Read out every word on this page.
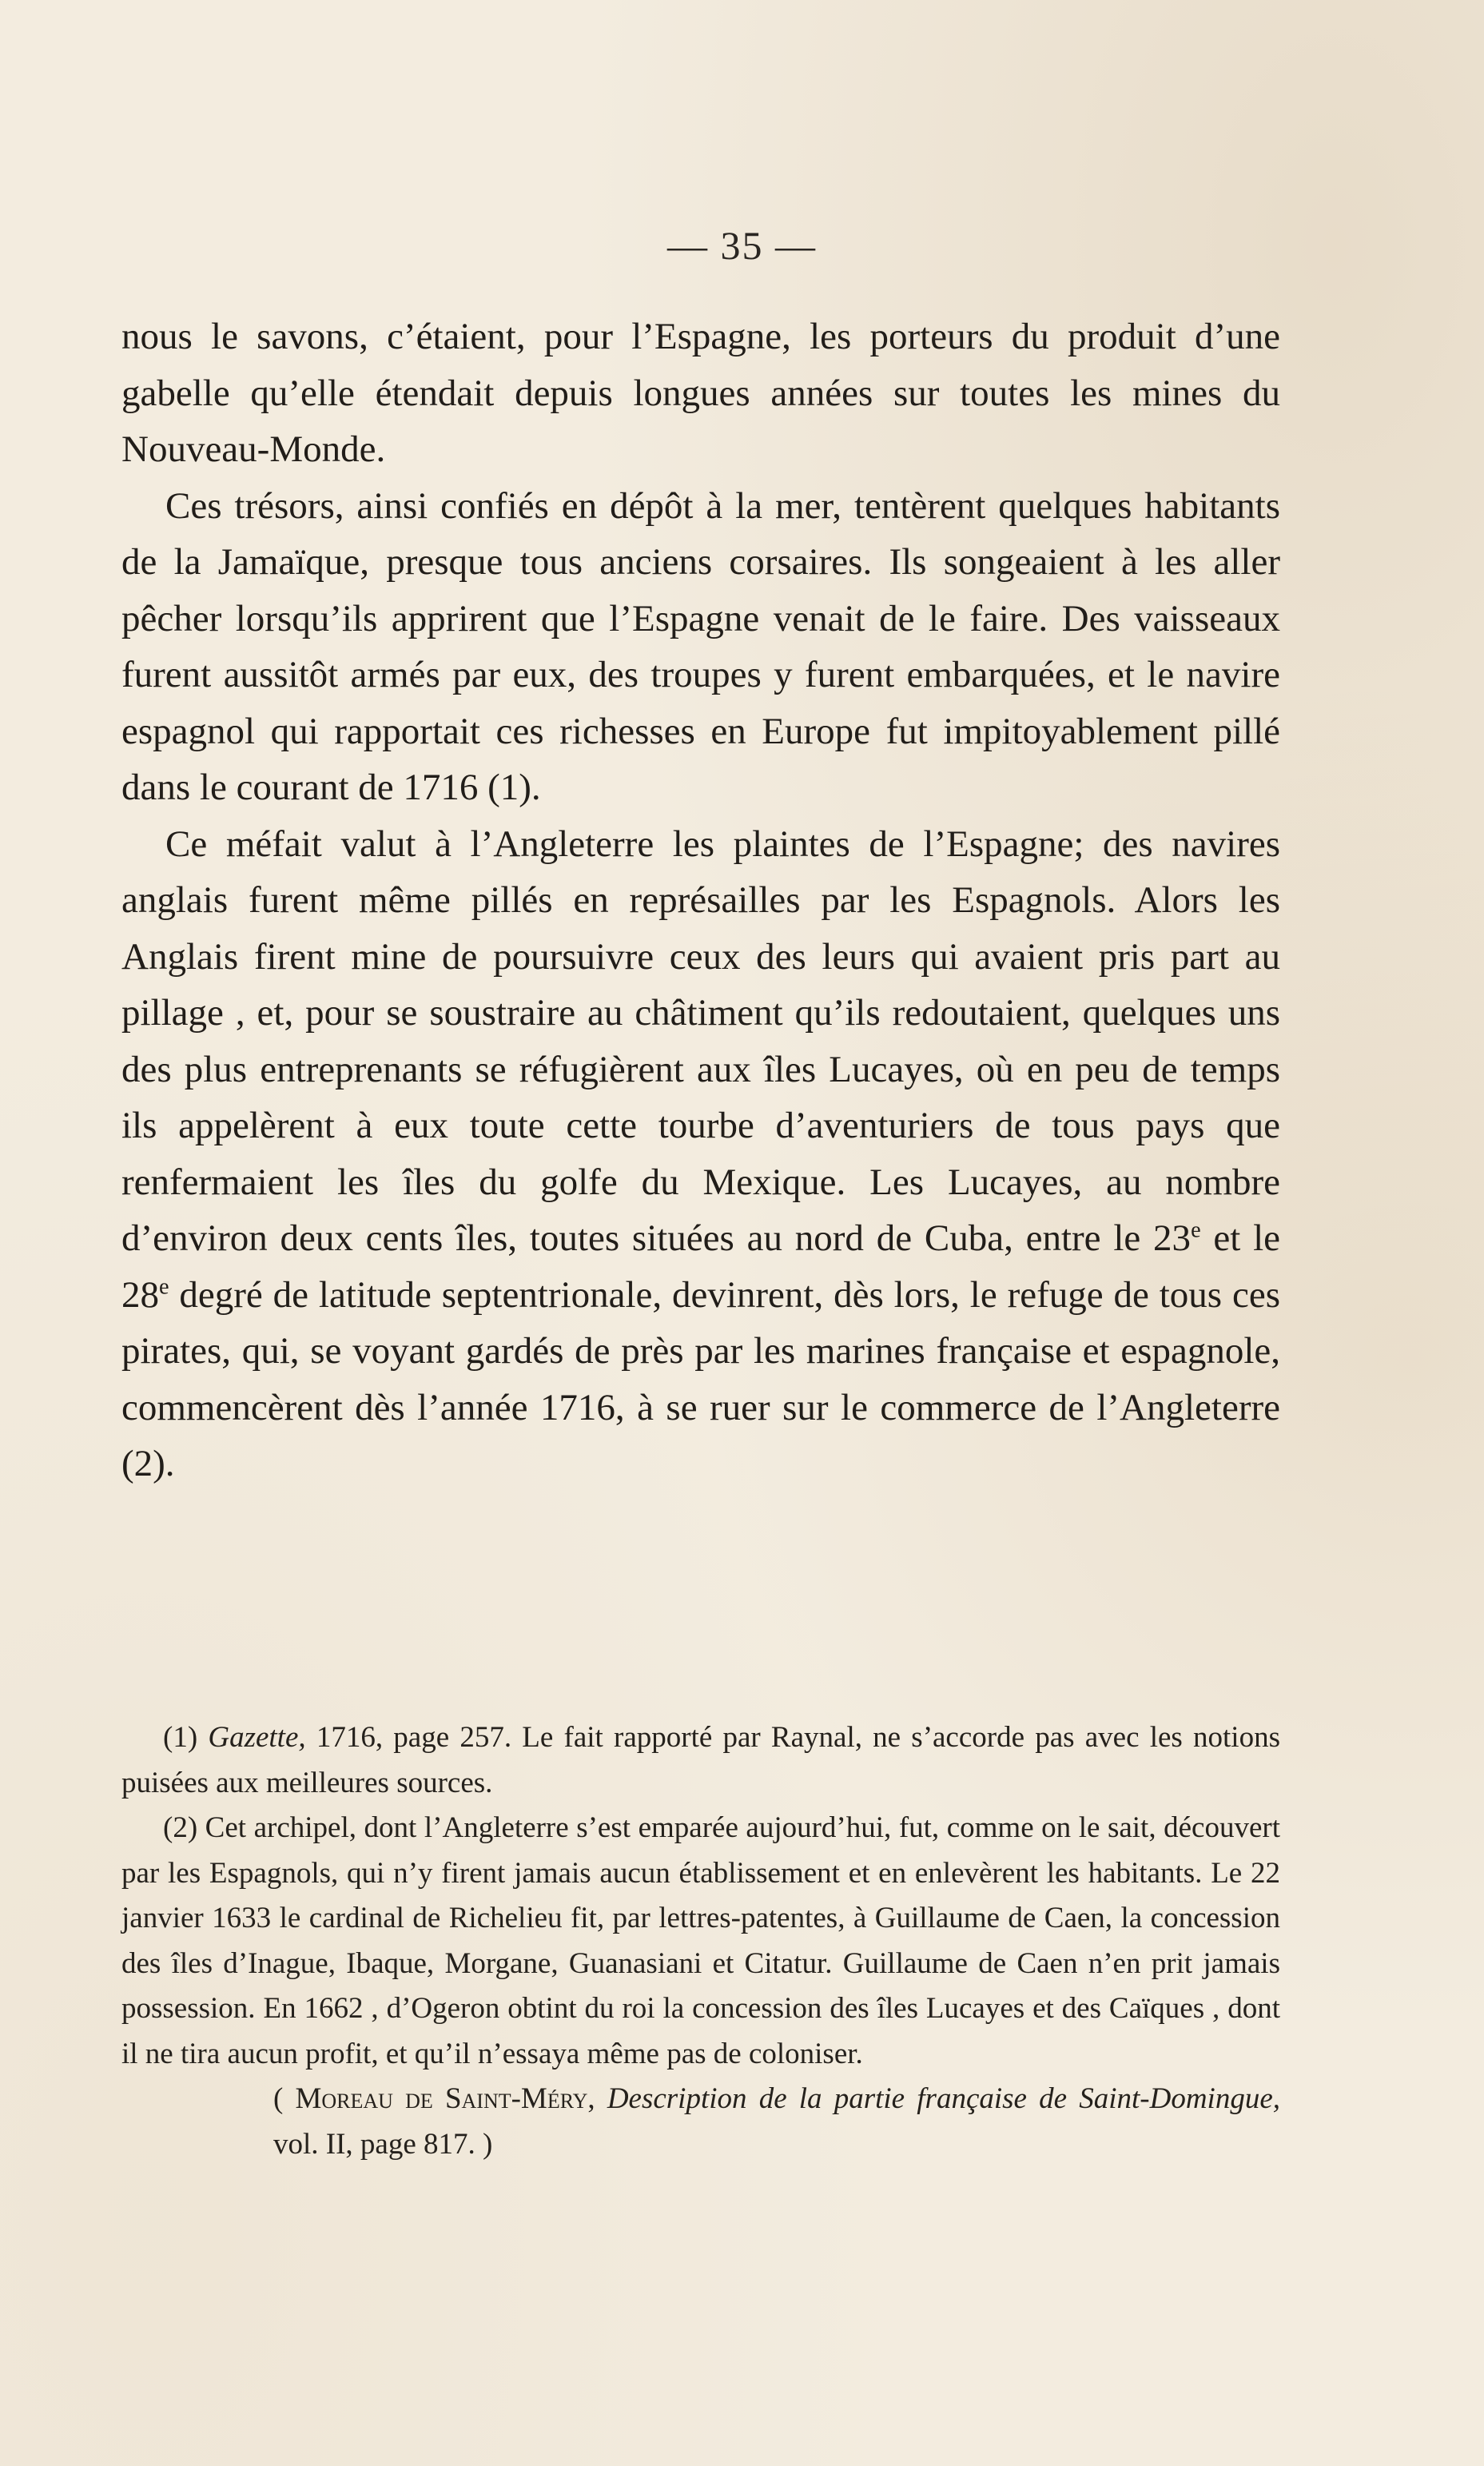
— 35 —

nous le savons, c’étaient, pour l’Espagne, les porteurs du produit d’une gabelle qu’elle étendait depuis longues années sur toutes les mines du Nouveau-Monde.

Ces trésors, ainsi confiés en dépôt à la mer, tentèrent quelques habitants de la Jamaïque, presque tous anciens corsaires. Ils songeaient à les aller pêcher lorsqu’ils apprirent que l’Espagne venait de le faire. Des vaisseaux furent aussitôt armés par eux, des troupes y furent embarquées, et le navire espagnol qui rapportait ces richesses en Europe fut impitoyablement pillé dans le courant de 1716 (1).

Ce méfait valut à l’Angleterre les plaintes de l’Espagne; des navires anglais furent même pillés en représailles par les Espagnols. Alors les Anglais firent mine de poursuivre ceux des leurs qui avaient pris part au pillage , et, pour se soustraire au châtiment qu’ils redoutaient, quelques uns des plus entreprenants se réfugièrent aux îles Lucayes, où en peu de temps ils appelèrent à eux toute cette tourbe d’aventuriers de tous pays que renfermaient les îles du golfe du Mexique. Les Lucayes, au nombre d’environ deux cents îles, toutes situées au nord de Cuba, entre le 23e et le 28e degré de latitude septentrionale, devinrent, dès lors, le refuge de tous ces pirates, qui, se voyant gardés de près par les marines française et espagnole, commencèrent dès l’année 1716, à se ruer sur le commerce de l’Angleterre (2).

(1) Gazette, 1716, page 257. Le fait rapporté par Raynal, ne s’accorde pas avec les notions puisées aux meilleures sources.

(2) Cet archipel, dont l’Angleterre s’est emparée aujourd’hui, fut, comme on le sait, découvert par les Espagnols, qui n’y firent jamais aucun établissement et en enlevèrent les habitants. Le 22 janvier 1633 le cardinal de Richelieu fit, par lettres-patentes, à Guillaume de Caen, la concession des îles d’Inague, Ibaque, Morgane, Guanasiani et Citatur. Guillaume de Caen n’en prit jamais possession. En 1662 , d’Ogeron obtint du roi la concession des îles Lucayes et des Caïques , dont il ne tira aucun profit, et qu’il n’essaya même pas de coloniser.

( Moreau de Saint-Méry, Description de la partie française de Saint-Domingue, vol. II, page 817. )
